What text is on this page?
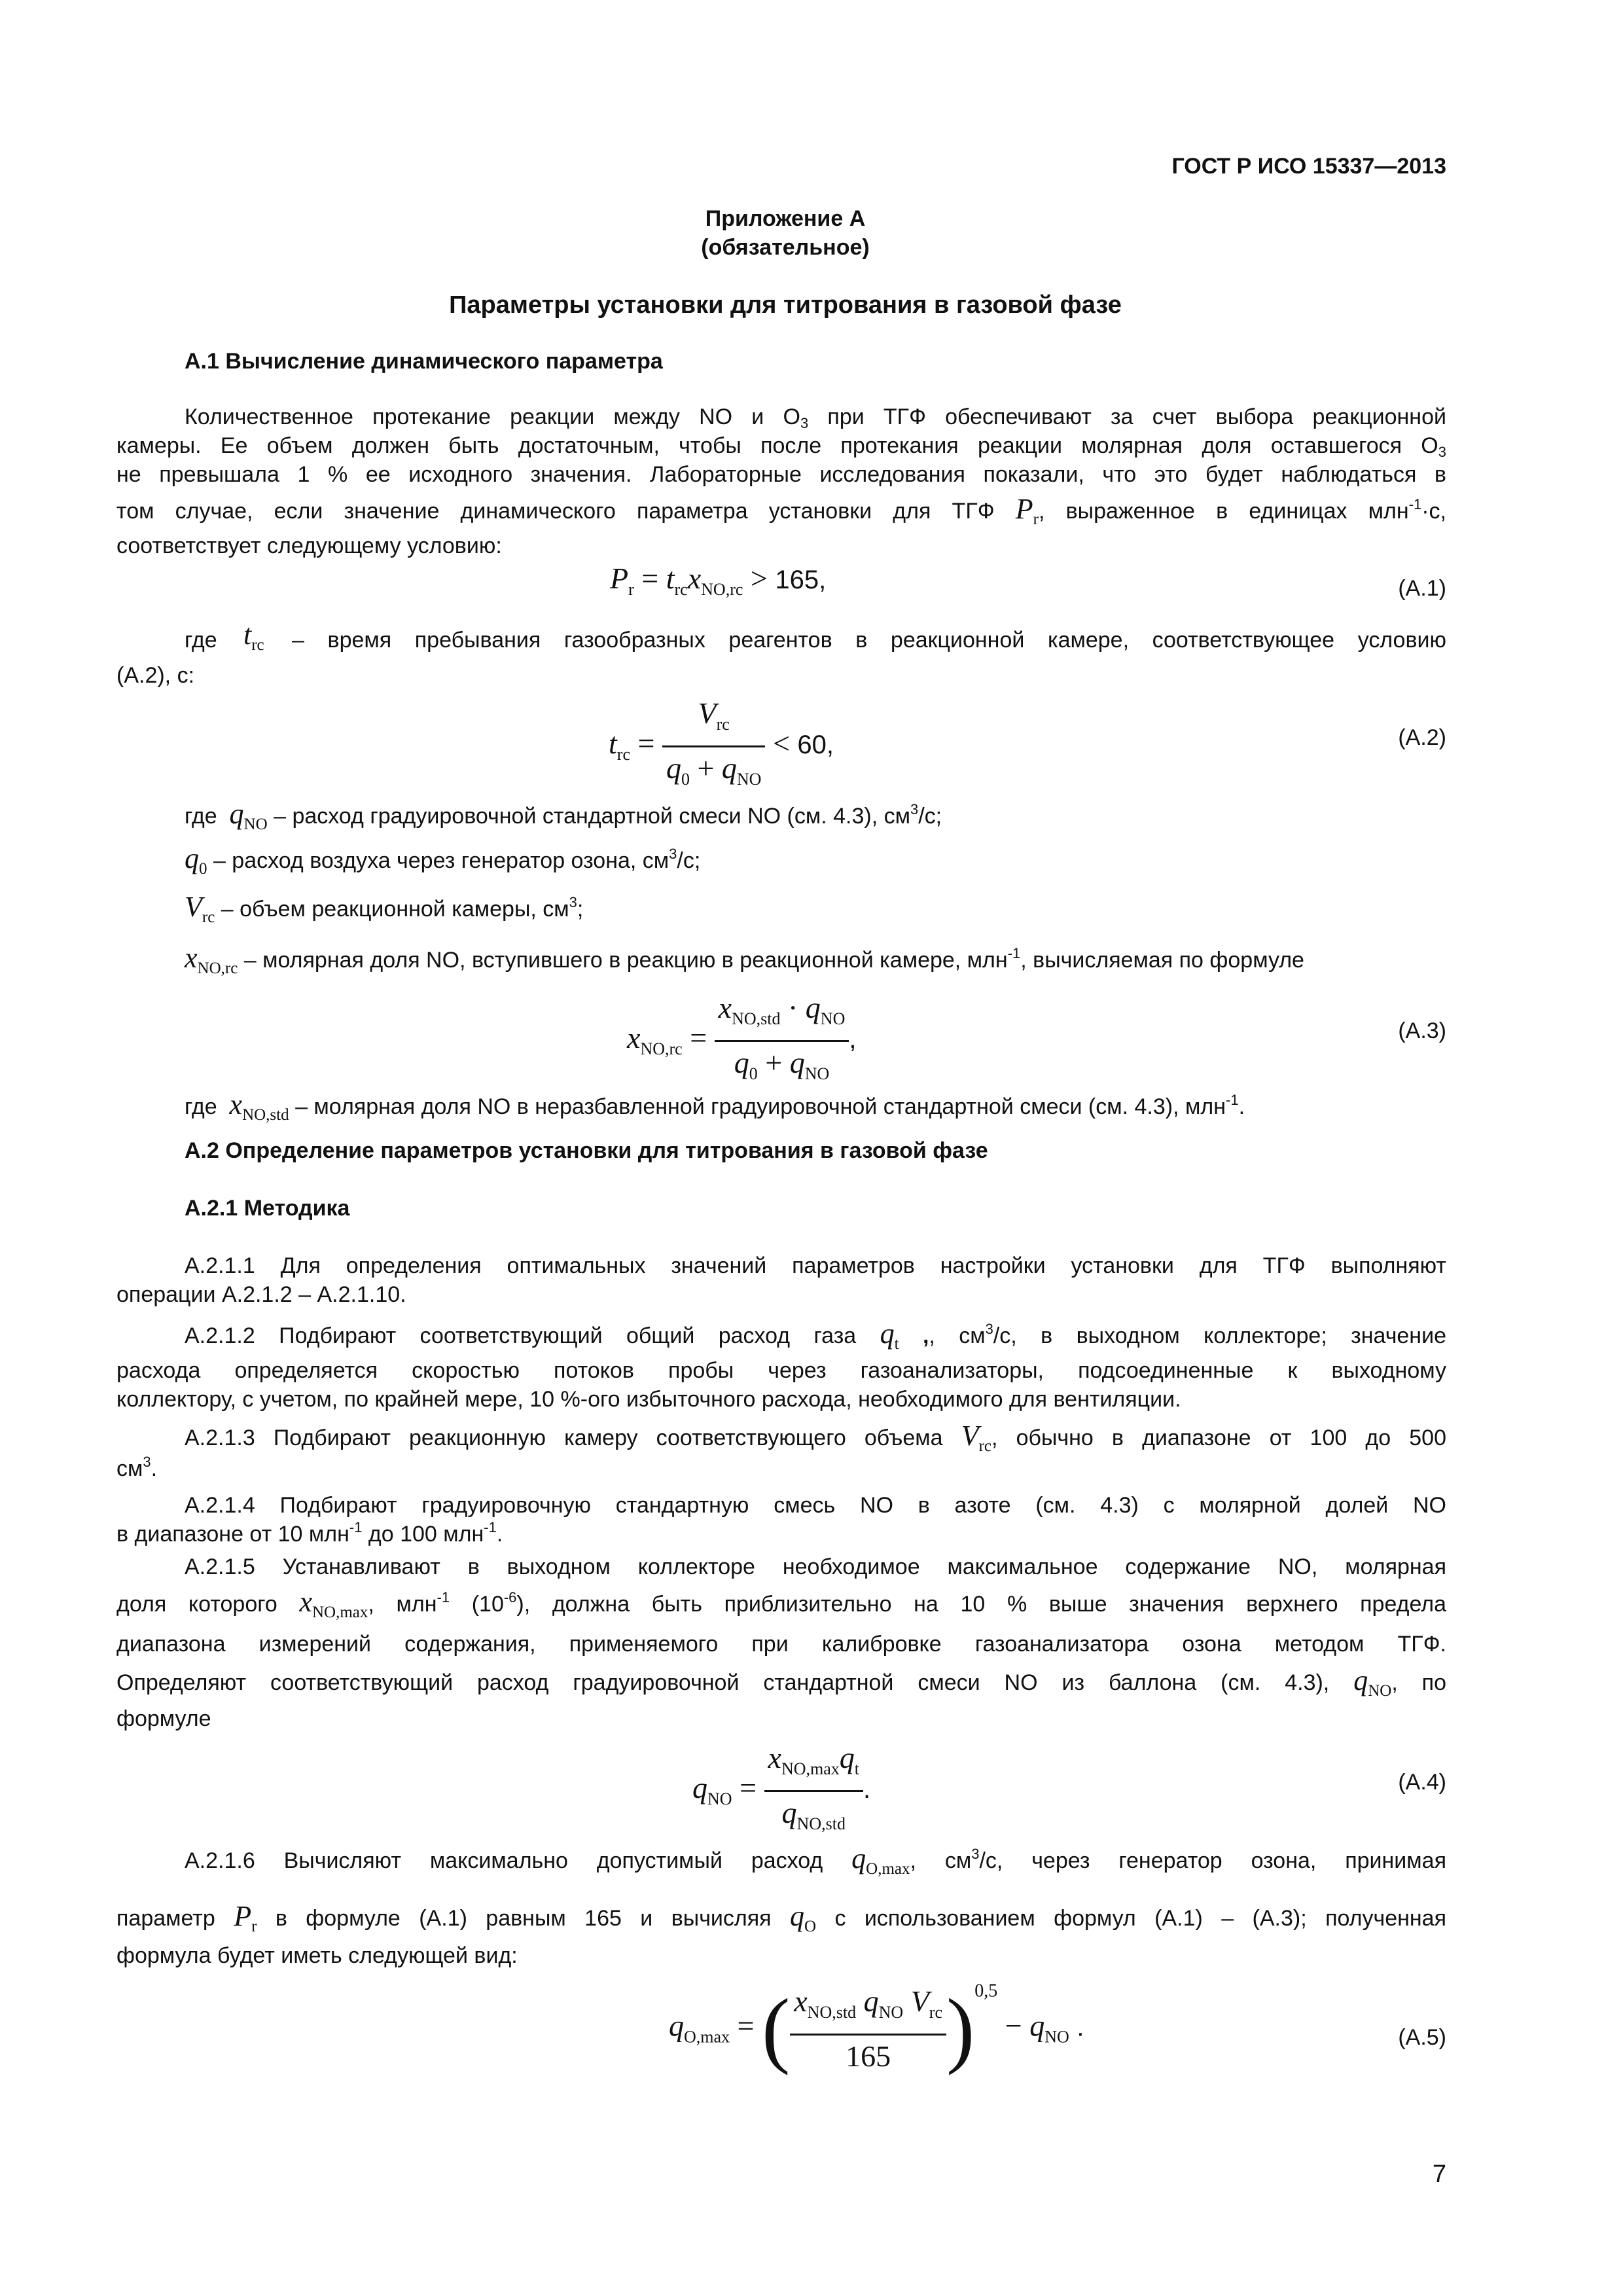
ГОСТ Р ИСО 15337—2013
Приложение А
(обязательное)
Параметры установки для титрования в газовой фазе
А.1 Вычисление динамического параметра
Количественное протекание реакции между NO и $O_3$ при ТГФ обеспечивают за счет выбора реакционной
камеры. Ее объем должен быть достаточным, чтобы после протекания реакции молярная доля оставшегося $O_3$
не превышала 1 % ее исходного значения. Лабораторные исследования показали, что это будет наблюдаться в
том случае, если значение динамического параметра установки для ТГФ $P_r$, выраженное в единицах млн$^{-1}$·с,
соответствует следующему условию:
$P_r = t_{rc}x_{NO,rc} > 165$,	(А.1)
где $t_{rc}$ – время пребывания газообразных реагентов в реакционной камере, соответствующее условию
(А.2), с:
$t_{rc} = \frac{V_{rc}}{q_0 + q_{NO}} < 60$,	(А.2)
где $q_{NO}$ – расход градуировочной стандартной смеси NO (см. 4.3), $см^3/с$;
$q_0$ – расход воздуха через генератор озона, $см^3/с$;
$V_{rc}$ – объем реакционной камеры, $см^3$;
$x_{NO,rc}$ – молярная доля NO, вступившего в реакцию в реакционной камере, млн$^{-1}$, вычисляемая по формуле
$x_{NO,rc} = \frac{x_{NO,std} \cdot q_{NO}}{q_0 + q_{NO}}$ ,	(А.3)
где $x_{NO,std}$ – молярная доля NO в неразбавленной градуировочной стандартной смеси (см. 4.3), млн$^{-1}$.
А.2 Определение параметров установки для титрования в газовой фазе
А.2.1 Методика
А.2.1.1 Для определения оптимальных значений параметров настройки установки для ТГФ выполняют
операции А.2.1.2 – А.2.1.10.
А.2.1.2 Подбирают соответствующий общий расход газа $q_t$ ,, $см^3/с$, в выходном коллекторе; значение
расхода определяется скоростью потоков пробы через газоанализаторы, подсоединенные к выходному
коллектору, с учетом, по крайней мере, 10 %-ого избыточного расхода, необходимого для вентиляции.
А.2.1.3 Подбирают реакционную камеру соответствующего объема $V_{rc}$, обычно в диапазоне от 100 до 500
$см^3$.
А.2.1.4 Подбирают градуировочную стандартную смесь NO в азоте (см. 4.3) с молярной долей NO
в диапазоне от 10 млн$^{-1}$ до 100 млн$^{-1}$.
А.2.1.5 Устанавливают в выходном коллекторе необходимое максимальное содержание NO, молярная
доля которого $x_{NO,max}$, млн$^{-1}$ $(10^{-6})$, должна быть приблизительно на 10 % выше значения верхнего предела
диапазона измерений содержания, применяемого при калибровке газоанализатора озона методом ТГФ.
Определяют соответствующий расход градуировочной стандартной смеси NO из баллона (см. 4.3), $q_{NO}$, по
формуле
$q_{NO} = \frac{x_{NO,max}q_t}{q_{NO,std}}$ .	(А.4)
А.2.1.6 Вычисляют максимально допустимый расход $q_{O,max}$, $см^3/с$, через генератор озона, принимая
параметр $P_r$ в формуле (А.1) равным 165 и вычисляя $q_O$ с использованием формул (А.1) – (А.3); полученная
формула будет иметь следующей вид:
$q_{O,max}$ = ( $\frac{x_{NO,std} q_{NO} V_{rc}}{165} )^{0,5} - q_{NO}$ .	(А.5)
7
